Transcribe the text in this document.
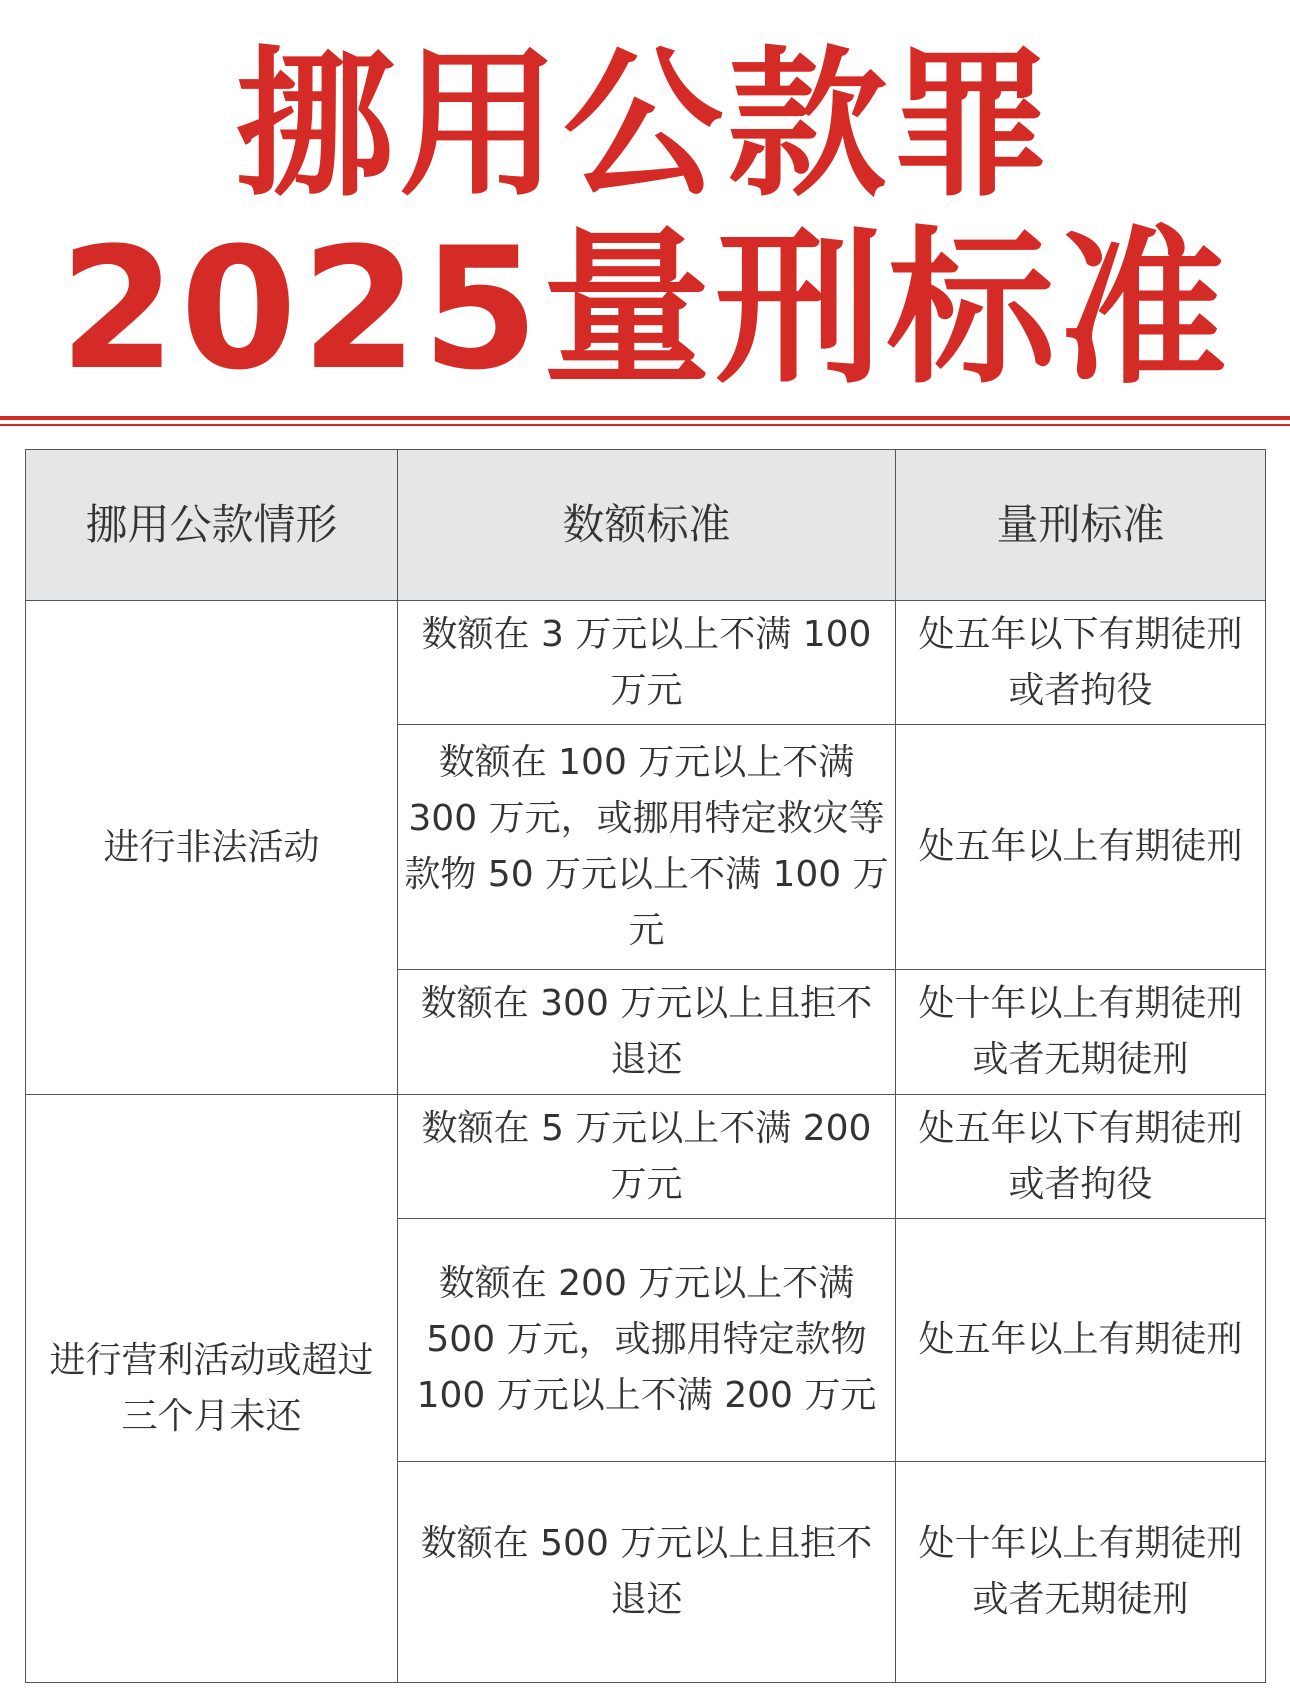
挪用公款罪
2025量刑标准
挪用公款情形	数额标准	量刑标准
进行非法活动	数额在 3 万元以上不满 100 万元	处五年以下有期徒刑或者拘役
	数额在 100 万元以上不满 300 万元，或挪用特定救灾等款物 50 万元以上不满 100 万元	处五年以上有期徒刑
	数额在 300 万元以上且拒不退还	处十年以上有期徒刑或者无期徒刑
进行营利活动或超过三个月未还	数额在 5 万元以上不满 200 万元	处五年以下有期徒刑或者拘役
	数额在 200 万元以上不满 500 万元，或挪用特定款物 100 万元以上不满 200 万元	处五年以上有期徒刑
	数额在 500 万元以上且拒不退还	处十年以上有期徒刑或者无期徒刑
